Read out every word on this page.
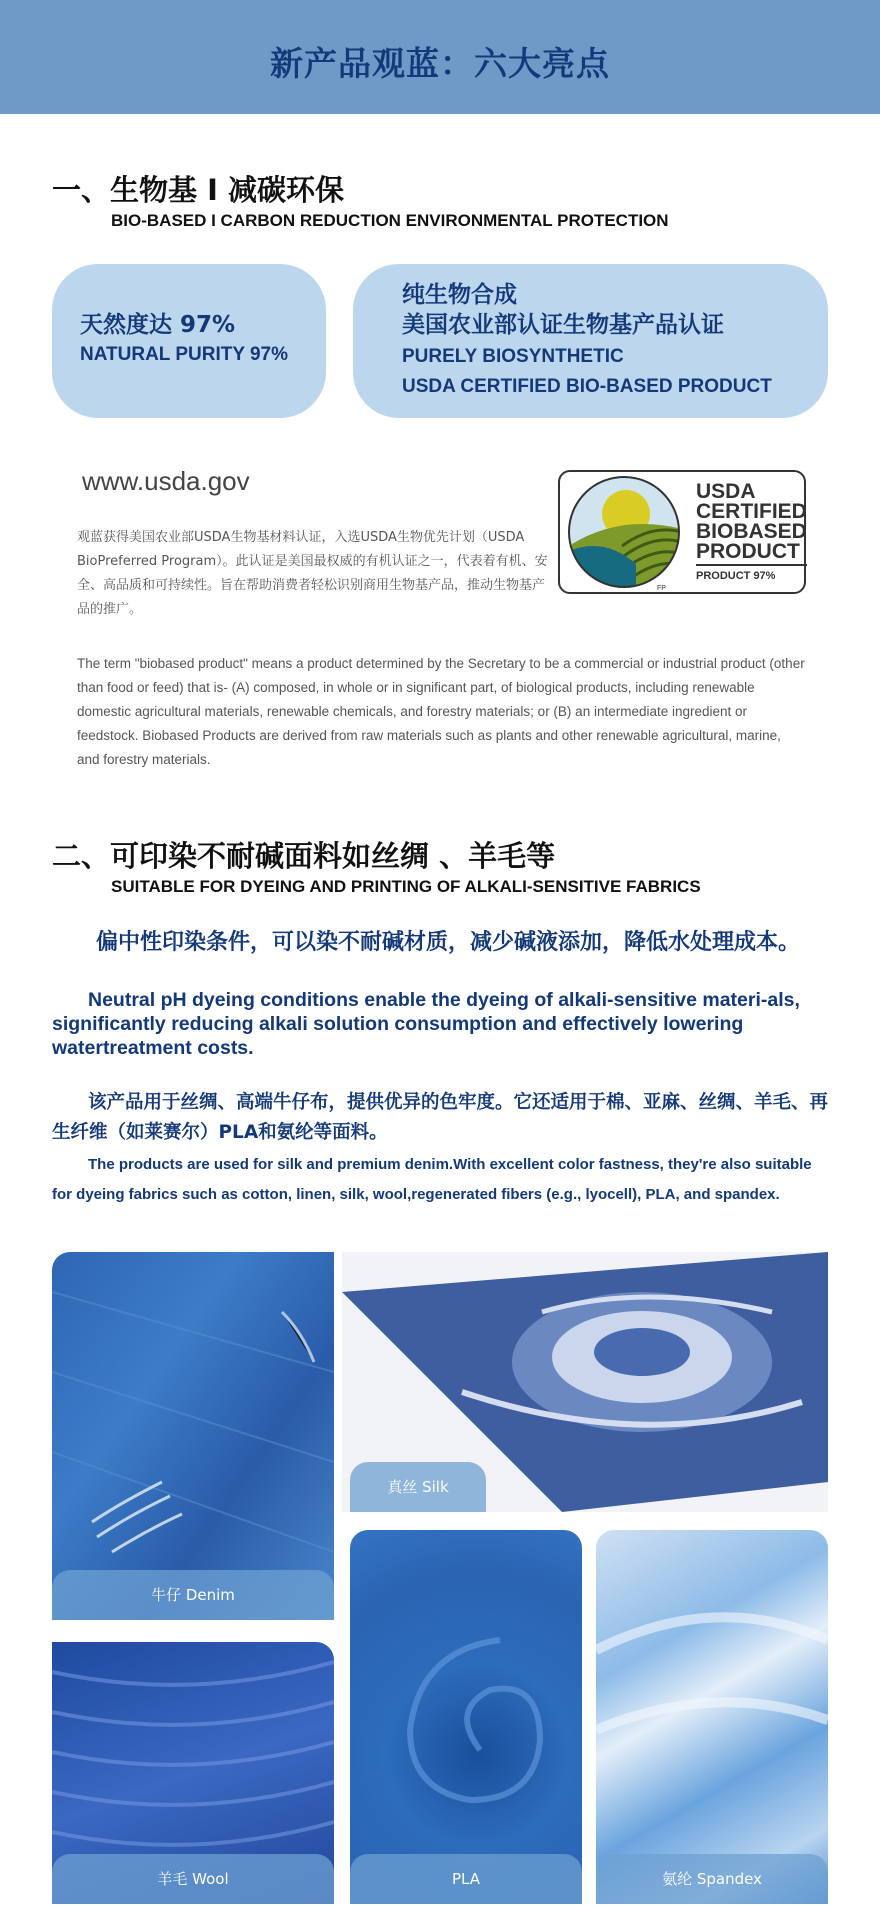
新产品观蓝：六大亮点
一、生物基 I 减碳环保
BIO-BASED I CARBON REDUCTION ENVIRONMENTAL PROTECTION
天然度达 97%
NATURAL PURITY 97%
纯生物合成
美国农业部认证生物基产品认证
PURELY BIOSYNTHETIC
USDA CERTIFIED BIO-BASED PRODUCT
www.usda.gov
观蓝获得美国农业部USDA生物基材料认证，入选USDA生物优先计划（USDA BioPreferred Program）。此认证是美国最权威的有机认证之一，代表着有机、安全、高品质和可持续性。旨在帮助消费者轻松识别商用生物基产品，推动生物基产品的推广。
FP
USDA
CERTIFIED
BIOBASED
PRODUCT
PRODUCT 97%
The term "biobased product" means a product determined by the Secretary to be a commercial or industrial product (other than food or feed) that is- (A) composed, in whole or in significant part, of biological products, including renewable domestic agricultural materials, renewable chemicals, and forestry materials; or (B) an intermediate ingredient or feedstock. Biobased Products are derived from raw materials such as plants and other renewable agricultural, marine, and forestry materials.
二、可印染不耐碱面料如丝绸 、羊毛等
SUITABLE FOR DYEING AND PRINTING OF ALKALI-SENSITIVE FABRICS
偏中性印染条件，可以染不耐碱材质，减少碱液添加，降低水处理成本。
Neutral pH dyeing conditions enable the dyeing of alkali-sensitive materi-als, significantly reducing alkali solution consumption and effectively lowering watertreatment costs.
该产品用于丝绸、高端牛仔布，提供优异的色牢度。它还适用于棉、亚麻、丝绸、羊毛、再生纤维（如莱赛尔）PLA和氨纶等面料。
The products are used for silk and premium denim.With excellent color fastness, they're also suitable for dyeing fabrics such as cotton, linen, silk, wool,regenerated fibers (e.g., lyocell), PLA, and spandex.
牛仔 Denim
真丝 Silk
羊毛 Wool	PLA	氨纶 Spandex
